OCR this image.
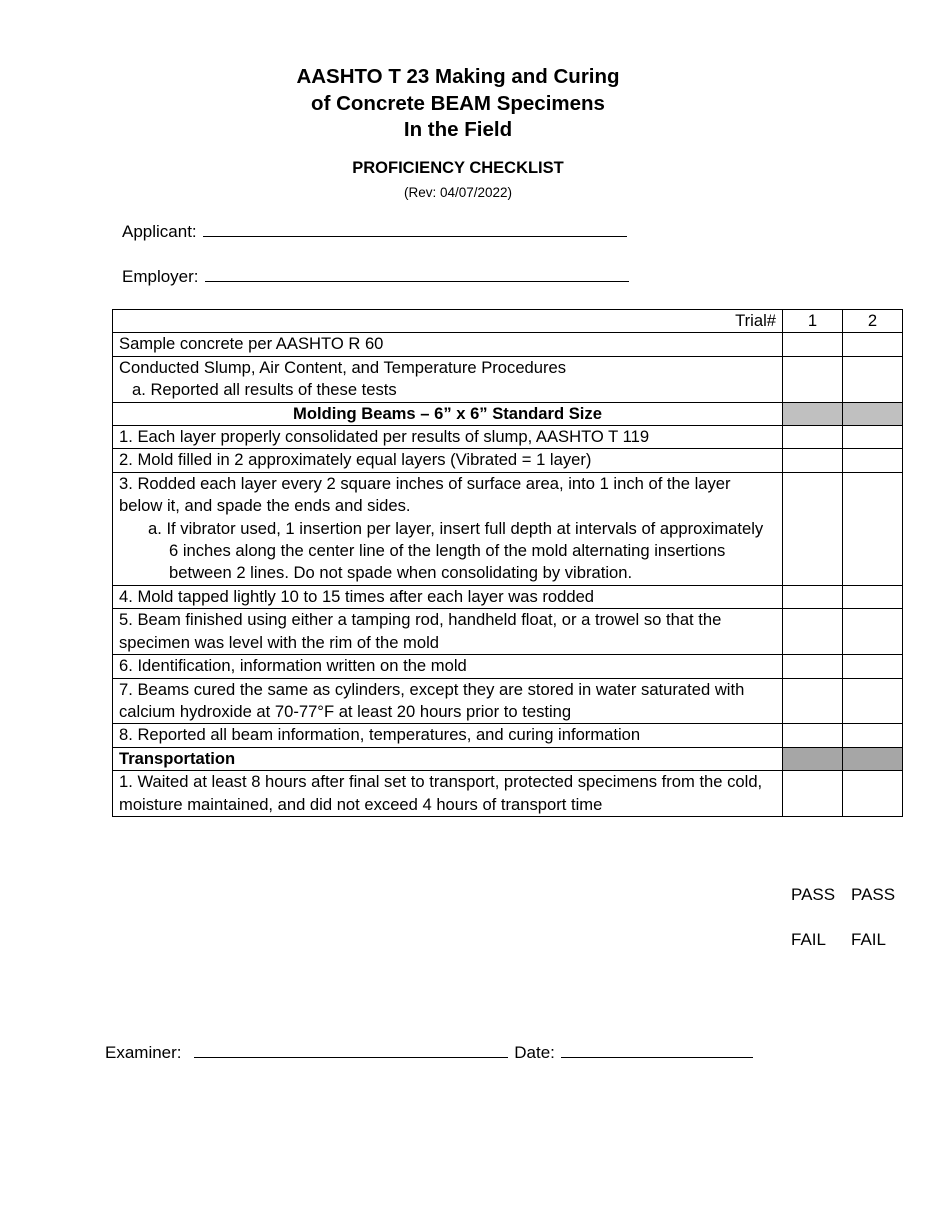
AASHTO T 23 Making and Curing
of Concrete BEAM Specimens
In the Field
PROFICIENCY CHECKLIST
(Rev: 04/07/2022)
Applicant:
Employer:
Trial#	1	2
Sample concrete per AASHTO R 60		

Conducted Slump, Air Content, and Temperature Procedures
a. Reported all results of these tests		

Molding Beams – 6” x 6” Standard Size		
1. Each layer properly consolidated per results of slump, AASHTO T 119		
2. Mold filled in 2 approximately equal layers (Vibrated = 1 layer)		

3. Rodded each layer every 2 square inches of surface area, into 1 inch of the layer below it, and spade the ends and sides.
a. If vibrator used, 1 insertion per layer, insert full depth at intervals of approximately 6 inches along the center line of the length of the mold alternating insertions between 2 lines. Do not spade when consolidating by vibration.		

4. Mold tapped lightly 10 to 15 times after each layer was rodded		
5. Beam finished using either a tamping rod, handheld float, or a trowel so that the specimen was level with the rim of the mold		
6. Identification, information written on the mold		
7. Beams cured the same as cylinders, except they are stored in water saturated with calcium hydroxide at 70-77°F at least 20 hours prior to testing		
8. Reported all beam information, temperatures, and curing information		
Transportation		
1. Waited at least 8 hours after final set to transport, protected specimens from the cold, moisture maintained, and did not exceed 4 hours of transport time		
PASS PASS
FAIL	FAIL
Examiner:	Date:
